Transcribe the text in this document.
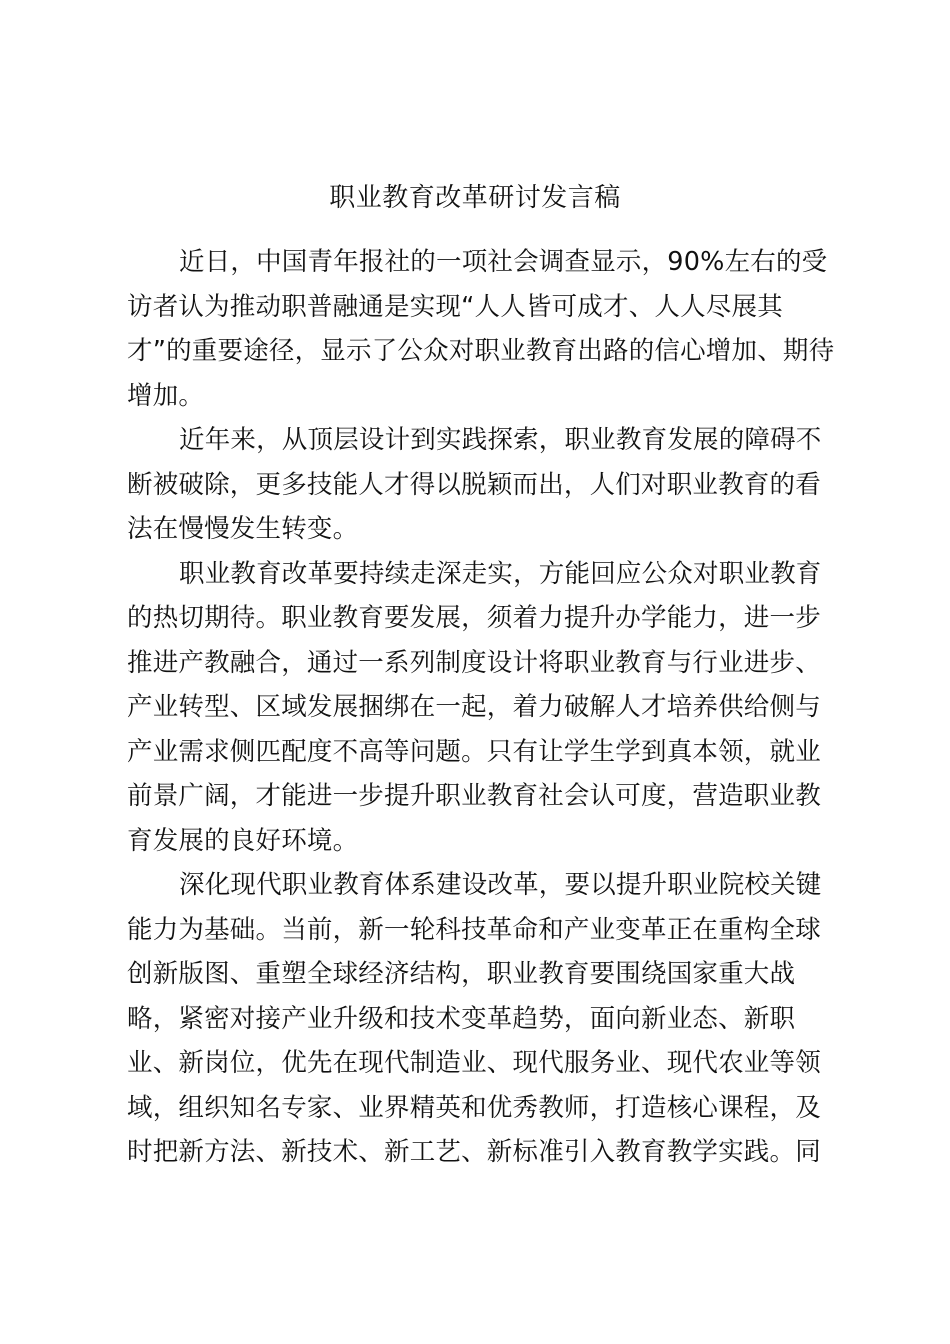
职业教育改革研讨发言稿

近日，中国青年报社的一项社会调查显示，90%左右的受
访者认为推动职普融通是实现“人人皆可成才、人人尽展其
才”的重要途径，显示了公众对职业教育出路的信心增加、期待
增加。

近年来，从顶层设计到实践探索，职业教育发展的障碍不
断被破除，更多技能人才得以脱颖而出，人们对职业教育的看
法在慢慢发生转变。

职业教育改革要持续走深走实，方能回应公众对职业教育
的热切期待。职业教育要发展，须着力提升办学能力，进一步
推进产教融合，通过一系列制度设计将职业教育与行业进步、
产业转型、区域发展捆绑在一起，着力破解人才培养供给侧与
产业需求侧匹配度不高等问题。只有让学生学到真本领，就业
前景广阔，才能进一步提升职业教育社会认可度，营造职业教
育发展的良好环境。

深化现代职业教育体系建设改革，要以提升职业院校关键
能力为基础。当前，新一轮科技革命和产业变革正在重构全球
创新版图、重塑全球经济结构，职业教育要围绕国家重大战
略，紧密对接产业升级和技术变革趋势，面向新业态、新职
业、新岗位，优先在现代制造业、现代服务业、现代农业等领
域，组织知名专家、业界精英和优秀教师，打造核心课程，及
时把新方法、新技术、新工艺、新标准引入教育教学实践。同
